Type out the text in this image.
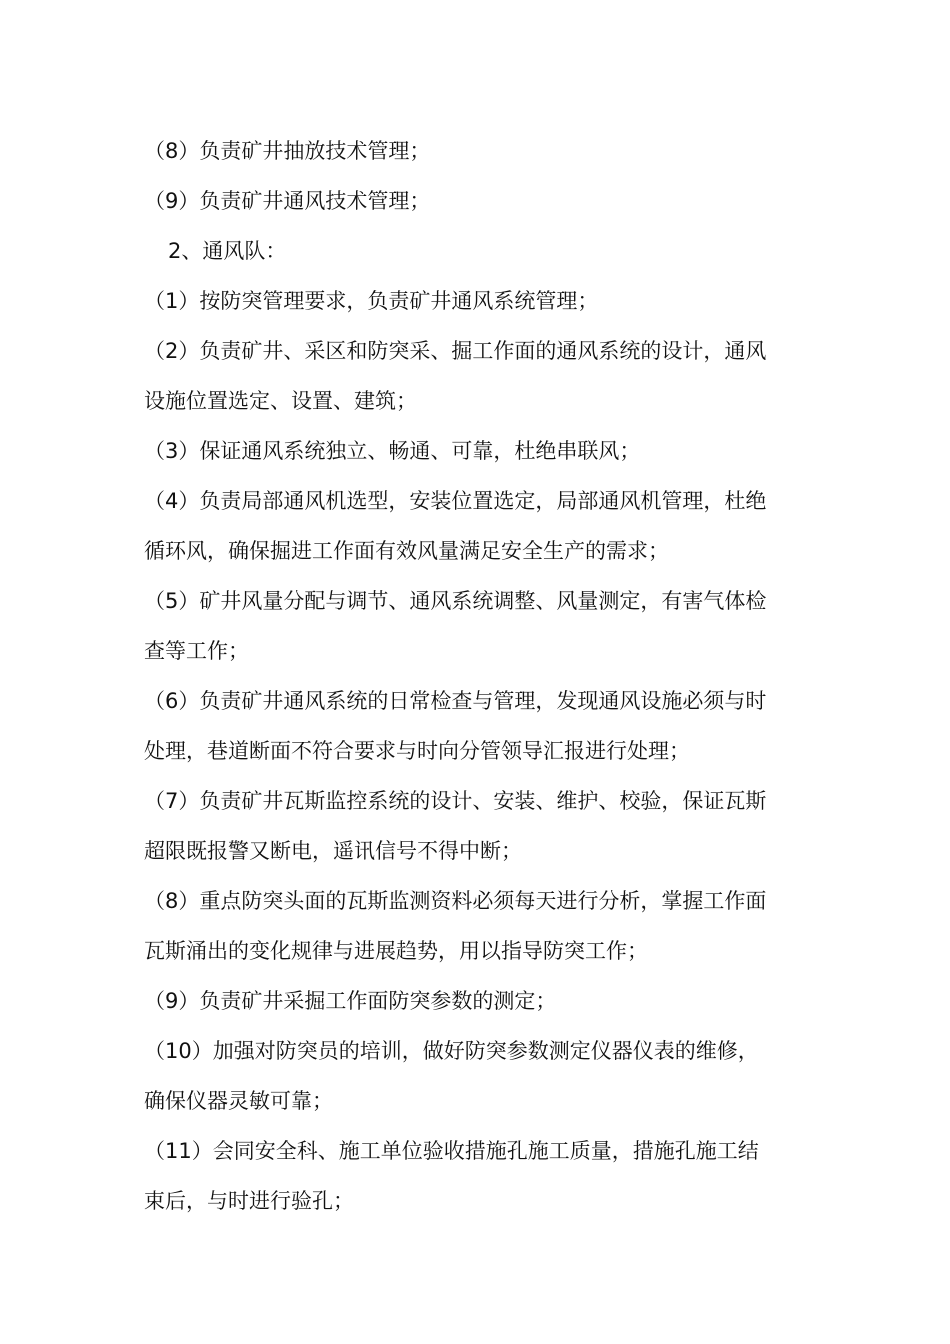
（8）负责矿井抽放技术管理；
（9）负责矿井通风技术管理；
2、通风队：
（1）按防突管理要求，负责矿井通风系统管理；
（2）负责矿井、采区和防突采、掘工作面的通风系统的设计，通风
设施位置选定、设置、建筑；
（3）保证通风系统独立、畅通、可靠，杜绝串联风；
（4）负责局部通风机选型，安装位置选定，局部通风机管理，杜绝
循环风，确保掘进工作面有效风量满足安全生产的需求；
（5）矿井风量分配与调节、通风系统调整、风量测定，有害气体检
查等工作；
（6）负责矿井通风系统的日常检查与管理，发现通风设施必须与时
处理，巷道断面不符合要求与时向分管领导汇报进行处理；
（7）负责矿井瓦斯监控系统的设计、安装、维护、校验，保证瓦斯
超限既报警又断电，遥讯信号不得中断；
（8）重点防突头面的瓦斯监测资料必须每天进行分析，掌握工作面
瓦斯涌出的变化规律与进展趋势，用以指导防突工作；
（9）负责矿井采掘工作面防突参数的测定；
（10）加强对防突员的培训，做好防突参数测定仪器仪表的维修，
确保仪器灵敏可靠；
（11）会同安全科、施工单位验收措施孔施工质量，措施孔施工结
束后，与时进行验孔；
